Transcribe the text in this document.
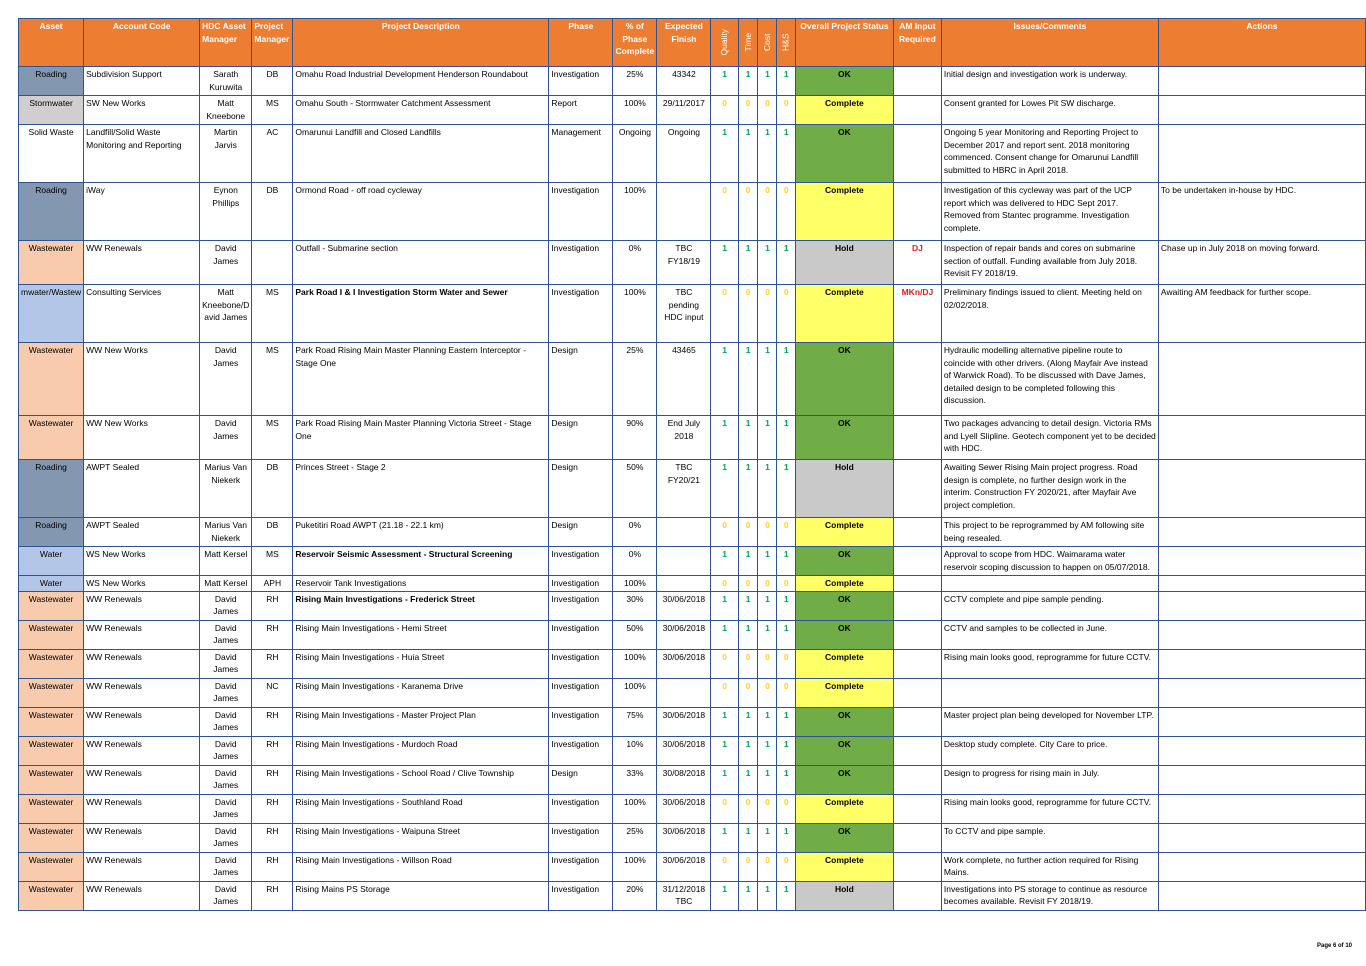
Asset	Account Code	HDC Asset Manager	Project Manager	Project Description	Phase	% of Phase Complete	Expected Finish	Quality	Time	Cost	H&S	Overall Project Status	AM Input Required	Issues/Comments	Actions
Roading	Subdivision Support	Sarath Kuruwita	DB	Omahu Road Industrial Development Henderson Roundabout	Investigation	25%	43342	1	1	1	1	OK		Initial design and investigation work is underway.	
Stormwater	SW New Works	Matt Kneebone	MS	Omahu South - Stormwater Catchment Assessment	Report	100%	29/11/2017	0	0	0	0	Complete		Consent granted for Lowes Pit SW discharge.	
Solid Waste	Landfill/Solid Waste Monitoring and Reporting	Martin Jarvis	AC	Omarunui Landfill and Closed Landfills	Management	Ongoing	Ongoing	1	1	1	1	OK		Ongoing 5 year Monitoring and Reporting Project to December 2017 and report sent. 2018 monitoring commenced. Consent change for Omarunui Landfill submitted to HBRC in April 2018.	
Roading	iWay	Eynon Phillips	DB	Ormond Road - off road cycleway	Investigation	100%		0	0	0	0	Complete		Investigation of this cycleway was part of the UCP report which was delivered to HDC Sept 2017. Removed from Stantec programme. Investigation complete.	To be undertaken in-house by HDC.
Wastewater	WW Renewals	David James		Outfall - Submarine section	Investigation	0%	TBC FY18/19	1	1	1	1	Hold	DJ	Inspection of repair bands and cores on submarine section of outfall. Funding available from July 2018. Revisit FY 2018/19.	Chase up in July 2018 on moving forward.
mwater/Wastew	Consulting Services	Matt Kneebone/D avid James	MS	Park Road I & I Investigation Storm Water and Sewer	Investigation	100%	TBC pending HDC input	0	0	0	0	Complete	MKn/DJ	Preliminary findings issued to client. Meeting held on 02/02/2018.	Awaiting AM feedback for further scope.
Wastewater	WW New Works	David James	MS	Park Road Rising Main Master Planning Eastern Interceptor - Stage One	Design	25%	43465	1	1	1	1	OK		Hydraulic modelling alternative pipeline route to coincide with other drivers. (Along Mayfair Ave instead of Warwick Road). To be discussed with Dave James, detailed design to be completed following this discussion.	
Wastewater	WW New Works	David James	MS	Park Road Rising Main Master Planning Victoria Street - Stage One	Design	90%	End July 2018	1	1	1	1	OK		Two packages advancing to detail design. Victoria RMs and Lyell Slipline. Geotech component yet to be decided with HDC.	
Roading	AWPT Sealed	Marius Van Niekerk	DB	Princes Street - Stage 2	Design	50%	TBC FY20/21	1	1	1	1	Hold		Awaiting Sewer Rising Main project progress. Road design is complete, no further design work in the interim. Construction FY 2020/21, after Mayfair Ave project completion.	
Roading	AWPT Sealed	Marius Van Niekerk	DB	Puketitiri Road AWPT (21.18 - 22.1 km)	Design	0%		0	0	0	0	Complete		This project to be reprogrammed by AM following site being resealed.	
Water	WS New Works	Matt Kersel	MS	Reservoir Seismic Assessment - Structural Screening	Investigation	0%		1	1	1	1	OK		Approval to scope from HDC. Waimarama water reservoir scoping discussion to happen on 05/07/2018.	
Water	WS New Works	Matt Kersel	APH	Reservoir Tank Investigations	Investigation	100%		0	0	0	0	Complete			
Wastewater	WW Renewals	David James	RH	Rising Main Investigations - Frederick Street	Investigation	30%	30/06/2018	1	1	1	1	OK		CCTV complete and pipe sample pending.	
Wastewater	WW Renewals	David James	RH	Rising Main Investigations - Hemi Street	Investigation	50%	30/06/2018	1	1	1	1	OK		CCTV and samples to be collected in June.	
Wastewater	WW Renewals	David James	RH	Rising Main Investigations - Huia Street	Investigation	100%	30/06/2018	0	0	0	0	Complete		Rising main looks good, reprogramme for future CCTV.	
Wastewater	WW Renewals	David James	NC	Rising Main Investigations - Karanema Drive	Investigation	100%		0	0	0	0	Complete			
Wastewater	WW Renewals	David James	RH	Rising Main Investigations - Master Project Plan	Investigation	75%	30/06/2018	1	1	1	1	OK		Master project plan being developed for November LTP.	
Wastewater	WW Renewals	David James	RH	Rising Main Investigations - Murdoch Road	Investigation	10%	30/06/2018	1	1	1	1	OK		Desktop study complete. City Care to price.	
Wastewater	WW Renewals	David James	RH	Rising Main Investigations - School Road / Clive Township	Design	33%	30/08/2018	1	1	1	1	OK		Design to progress for rising main in July.	
Wastewater	WW Renewals	David James	RH	Rising Main Investigations - Southland Road	Investigation	100%	30/06/2018	0	0	0	0	Complete		Rising main looks good, reprogramme for future CCTV.	
Wastewater	WW Renewals	David James	RH	Rising Main Investigations - Waipuna Street	Investigation	25%	30/06/2018	1	1	1	1	OK		To CCTV and pipe sample.	
Wastewater	WW Renewals	David James	RH	Rising Main Investigations - Willson Road	Investigation	100%	30/06/2018	0	0	0	0	Complete		Work complete, no further action required for Rising Mains.	
Wastewater	WW Renewals	David James	RH	Rising Mains PS Storage	Investigation	20%	31/12/2018 TBC	1	1	1	1	Hold		Investigations into PS storage to continue as resource becomes available. Revisit FY 2018/19.	
Page 6 of 10
